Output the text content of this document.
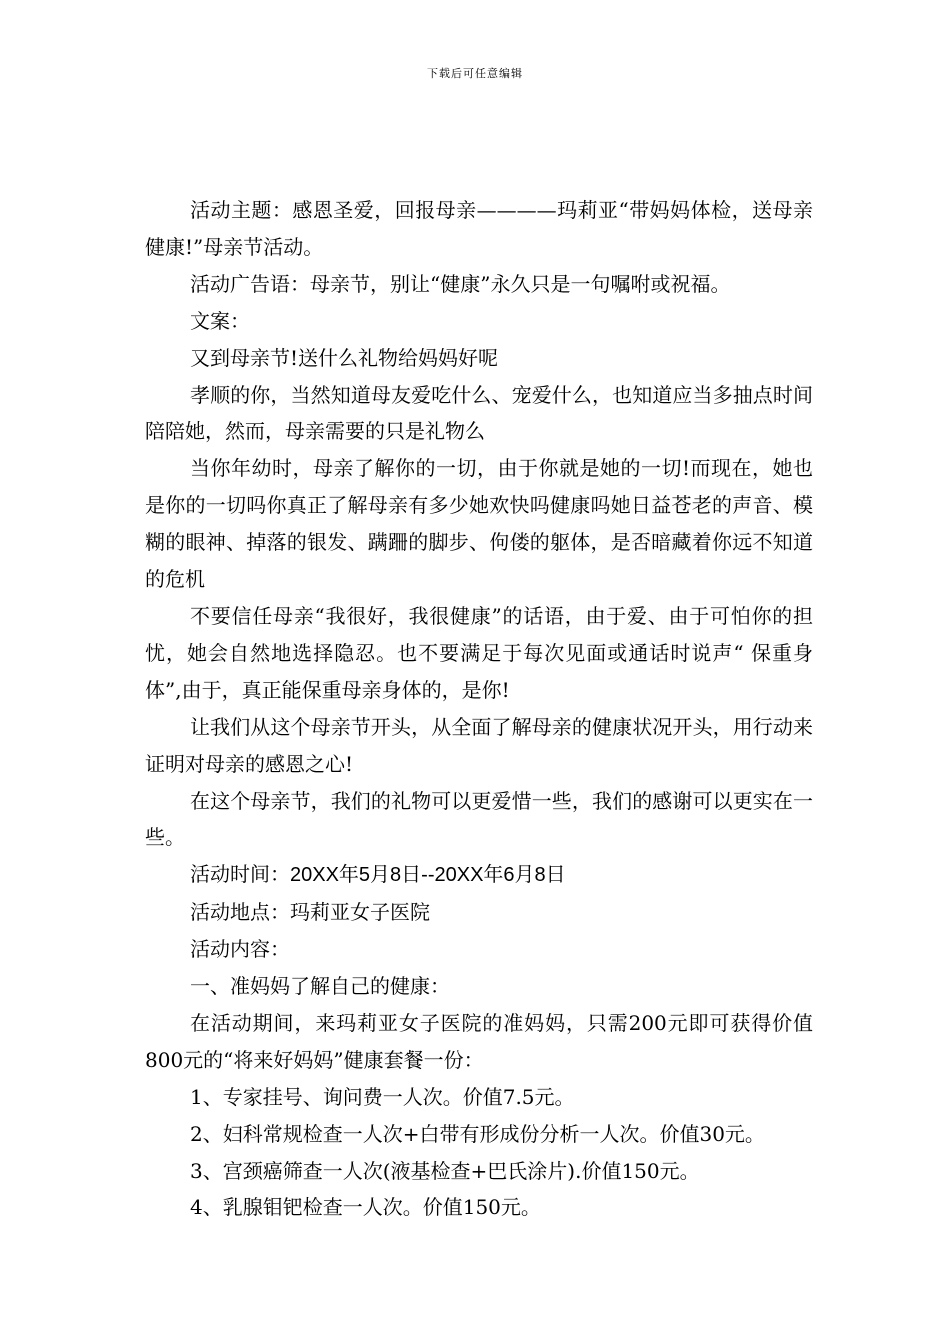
下载后可任意编辑

活动主题：感恩圣爱，回报母亲————玛莉亚“带妈妈体检，送母亲健康!”母亲节活动。

活动广告语：母亲节，别让“健康”永久只是一句嘱咐或祝福。

文案：

又到母亲节!送什么礼物给妈妈好呢

孝顺的你，当然知道母友爱吃什么、宠爱什么，也知道应当多抽点时间陪陪她，然而，母亲需要的只是礼物么

当你年幼时，母亲了解你的一切，由于你就是她的一切!而现在，她也是你的一切吗你真正了解母亲有多少她欢快吗健康吗她日益苍老的声音、模糊的眼神、掉落的银发、蹒跚的脚步、佝偻的躯体，是否暗藏着你远不知道的危机

不要信任母亲“我很好，我很健康”的话语，由于爱、由于可怕你的担忧，她会自然地选择隐忍。也不要满足于每次见面或通话时说声“ 保重身体”,由于，真正能保重母亲身体的，是你!

让我们从这个母亲节开头，从全面了解母亲的健康状况开头，用行动来证明对母亲的感恩之心!

在这个母亲节，我们的礼物可以更爱惜一些，我们的感谢可以更实在一些。

活动时间：20XX年5月8日--20XX年6月8日

活动地点：玛莉亚女子医院

活动内容：

一、准妈妈了解自己的健康：

在活动期间，来玛莉亚女子医院的准妈妈，只需200元即可获得价值800元的“将来好妈妈”健康套餐一份：

1、专家挂号、询问费一人次。价值7.5元。

2、妇科常规检查一人次+白带有形成份分析一人次。价值30元。

3、宫颈癌筛查一人次(液基检查+巴氏涂片).价值150元。

4、乳腺钼钯检查一人次。价值150元。
